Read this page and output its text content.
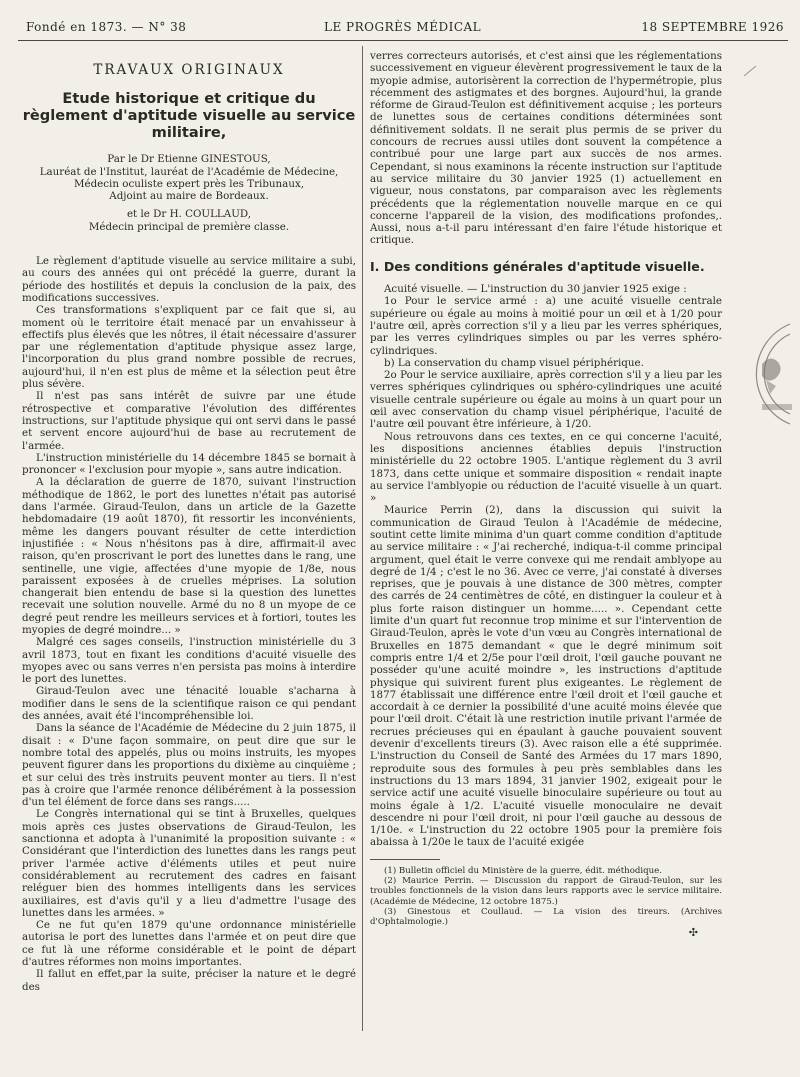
Fondé en 1873. — N° 38	LE PROGRÈS MÉDICAL	18 SEPTEMBRE 1926
TRAVAUX ORIGINAUX
Etude historique et critique du règlement d'aptitude visuelle au service militaire,

Par le Dr Etienne GINESTOUS,

Lauréat de l'Institut, lauréat de l'Académie de Médecine,

Médecin oculiste expert près les Tribunaux,

Adjoint au maire de Bordeaux.

et le Dr H. COULLAUD,

Médecin principal de première classe.

Le règlement d'aptitude visuelle au service militaire a subi, au cours des années qui ont précédé la guerre, durant la période des hostilités et depuis la conclusion de la paix, des modifications successives.

Ces transformations s'expliquent par ce fait que si, au moment où le territoire était menacé par un envahisseur à effectifs plus élevés que les nôtres, il était nécessaire d'assurer par une réglementation d'aptitude physique assez large, l'incorporation du plus grand nombre possible de recrues, aujourd'hui, il n'en est plus de même et la sélection peut être plus sévère.

Il n'est pas sans intérêt de suivre par une étude rétrospective et comparative l'évolution des différentes instructions, sur l'aptitude physique qui ont servi dans le passé et servent encore aujourd'hui de base au recrutement de l'armée.

L'instruction ministérielle du 14 décembre 1845 se bornait à prononcer « l'exclusion pour myopie », sans autre indication.

A la déclaration de guerre de 1870, suivant l'instruction méthodique de 1862, le port des lunettes n'était pas autorisé dans l'armée. Giraud-Teulon, dans un article de la Gazette hebdomadaire (19 août 1870), fit ressortir les inconvénients, même les dangers pouvant résulter de cette interdiction injustifiée : « Nous n'hésitons pas à dire, affirmait-il avec raison, qu'en proscrivant le port des lunettes dans le rang, une sentinelle, une vigie, affectées d'une myopie de 1/8e, nous paraissent exposées à de cruelles méprises. La solution changerait bien entendu de base si la question des lunettes recevait une solution nouvelle. Armé du no 8 un myope de ce degré peut rendre les meilleurs services et à fortiori, toutes les myopies de degré moindre... »

Malgré ces sages conseils, l'instruction ministérielle du 3 avril 1873, tout en fixant les conditions d'acuité visuelle des myopes avec ou sans verres n'en persista pas moins à interdire le port des lunettes.

Giraud-Teulon avec une ténacité louable s'acharna à modifier dans le sens de la scientifique raison ce qui pendant des années, avait été l'incompréhensible loi.

Dans la séance de l'Académie de Médecine du 2 juin 1875, il disait : « D'une façon sommaire, on peut dire que sur le nombre total des appelés, plus ou moins instruits, les myopes peuvent figurer dans les proportions du dixième au cinquième ; et sur celui des très instruits peuvent monter au tiers. Il n'est pas à croire que l'armée renonce délibérément à la possession d'un tel élément de force dans ses rangs.....

Le Congrès international qui se tint à Bruxelles, quelques mois après ces justes observations de Giraud-Teulon, les sanctionna et adopta à l'unanimité la proposition suivante : « Considérant que l'interdiction des lunettes dans les rangs peut priver l'armée active d'éléments utiles et peut nuire considérablement au recrutement des cadres en faisant reléguer bien des hommes intelligents dans les services auxiliaires, est d'avis qu'il y a lieu d'admettre l'usage des lunettes dans les armées. »

Ce ne fut qu'en 1879 qu'une ordonnance ministérielle autorisa le port des lunettes dans l'armée et on peut dire que ce fut là une réforme considérable et le point de départ d'autres réformes non moins importantes.

Il fallut en effet,par la suite, préciser la nature et le degré des

verres correcteurs autorisés, et c'est ainsi que les réglementations successivement en vigueur élevèrent progressivement le taux de la myopie admise, autorisèrent la correction de l'hypermétropie, plus récemment des astigmates et des borgnes. Aujourd'hui, la grande réforme de Giraud-Teulon est définitivement acquise ; les porteurs de lunettes sous de certaines conditions déterminées sont définitivement soldats. Il ne serait plus permis de se priver du concours de recrues aussi utiles dont souvent la compétence a contribué pour une large part aux succès de nos armes. Cependant, si nous examinons la récente instruction sur l'aptitude au service militaire du 30 janvier 1925 (1) actuellement en vigueur, nous constatons, par comparaison avec les règlements précédents que la réglementation nouvelle marque en ce qui concerne l'appareil de la vision, des modifications profondes,. Aussi, nous a-t-il paru intéressant d'en faire l'étude historique et critique.

I. Des conditions générales d'aptitude visuelle.

Acuité visuelle. — L'instruction du 30 janvier 1925 exige :

1o Pour le service armé : a) une acuité visuelle centrale supérieure ou égale au moins à moitié pour un œil et à 1/20 pour l'autre œil, après correction s'il y a lieu par les verres sphériques, par les verres cylindriques simples ou par les verres sphéro-cylindriques.

b) La conservation du champ visuel périphérique.

2o Pour le service auxiliaire, après correction s'il y a lieu par les verres sphériques cylindriques ou sphéro-cylindriques une acuité visuelle centrale supérieure ou égale au moins à un quart pour un œil avec conservation du champ visuel périphérique, l'acuité de l'autre œil pouvant être inférieure, à 1/20.

Nous retrouvons dans ces textes, en ce qui concerne l'acuité, les dispositions anciennes établies depuis l'instruction ministérielle du 22 octobre 1905. L'antique règlement du 3 avril 1873, dans cette unique et sommaire disposition « rendait inapte au service l'amblyopie ou réduction de l'acuité visuelle à un quart. »

Maurice Perrin (2), dans la discussion qui suivit la communication de Giraud Teulon à l'Académie de médecine, soutint cette limite minima d'un quart comme condition d'aptitude au service militaire : « J'ai recherché, indiqua-t-il comme principal argument, quel était le verre convexe qui me rendait amblyope au degré de 1/4 ; c'est le no 36. Avec ce verre, j'ai constaté à diverses reprises, que je pouvais à une distance de 300 mètres, compter des carrés de 24 centimètres de côté, en distinguer la couleur et à plus forte raison distinguer un homme..... ». Cependant cette limite d'un quart fut reconnue trop minime et sur l'intervention de Giraud-Teulon, après le vote d'un vœu au Congrès international de Bruxelles en 1875 demandant « que le degré minimum soit compris entre 1/4 et 2/5e pour l'œil droit, l'œil gauche pouvant ne posséder qu'une acuité moindre », les instructions d'aptitude physique qui suivirent furent plus exigeantes. Le règlement de 1877 établissait une différence entre l'œil droit et l'œil gauche et accordait à ce dernier la possibilité d'une acuité moins élevée que pour l'œil droit. C'était là une restriction inutile privant l'armée de recrues précieuses qui en épaulant à gauche pouvaient souvent devenir d'excellents tireurs (3). Avec raison elle a été supprimée. L'instruction du Conseil de Santé des Armées du 17 mars 1890, reproduite sous des formules à peu près semblables dans les instructions du 13 mars 1894, 31 janvier 1902, exigeait pour le service actif une acuité visuelle binoculaire supérieure ou tout au moins égale à 1/2. L'acuité visuelle monoculaire ne devait descendre ni pour l'œil droit, ni pour l'œil gauche au dessous de 1/10e. « L'instruction du 22 octobre 1905 pour la première fois abaissa à 1/20e le taux de l'acuité exigée

(1) Bulletin officiel du Ministère de la guerre, édit. méthodique.

(2) Maurice Perrin. — Discussion du rapport de Giraud-Teulon, sur les troubles fonctionnels de la vision dans leurs rapports avec le service militaire. (Académie de Médecine, 12 octobre 1875.)

(3) Ginestous et Coullaud. — La vision des tireurs. (Archives d'Ophtalmologie.)

✣
